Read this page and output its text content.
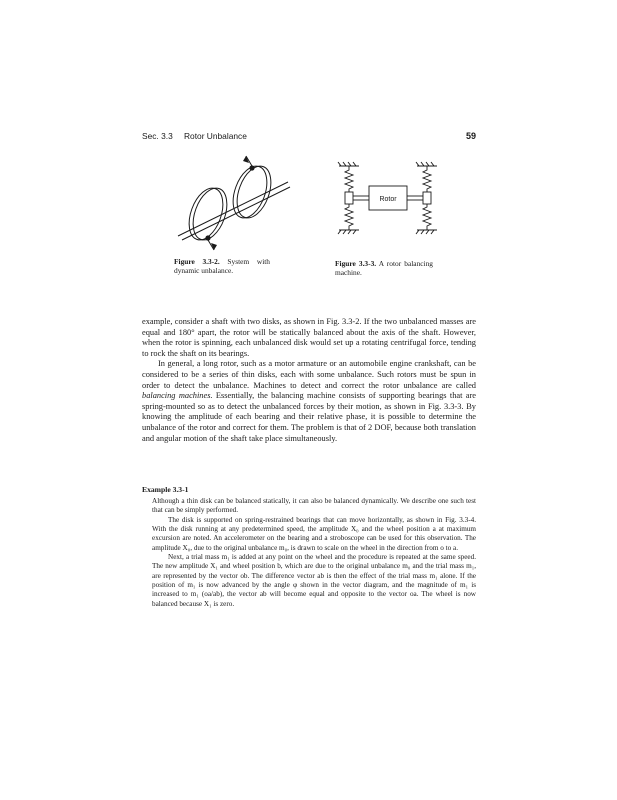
Sec. 3.3 Rotor Unbalance	59
Figure 3.3-2. System with dynamic unbalance.
Rotor
Figure 3.3-3. A rotor balancing machine.

example, consider a shaft with two disks, as shown in Fig. 3.3-2. If the two unbalanced masses are equal and 180° apart, the rotor will be statically balanced about the axis of the shaft. However, when the rotor is spinning, each unbalanced disk would set up a rotating centrifugal force, tending to rock the shaft on its bearings.

In general, a long rotor, such as a motor armature or an automobile engine crankshaft, can be considered to be a series of thin disks, each with some unbalance. Such rotors must be spun in order to detect the unbalance. Machines to detect and correct the rotor unbalance are called balancing machines. Essentially, the balancing machine consists of supporting bearings that are spring-mounted so as to detect the unbalanced forces by their motion, as shown in Fig. 3.3-3. By knowing the amplitude of each bearing and their relative phase, it is possible to determine the unbalance of the rotor and correct for them. The problem is that of 2 DOF, because both translation and angular motion of the shaft take place simultaneously.

Example 3.3-1

Although a thin disk can be balanced statically, it can also be balanced dynamically. We describe one such test that can be simply performed.

The disk is supported on spring-restrained bearings that can move horizontally, as shown in Fig. 3.3-4. With the disk running at any predetermined speed, the amplitude X₀ and the wheel position a at maximum excursion are noted. An accelerometer on the bearing and a stroboscope can be used for this observation. The amplitude X₀, due to the original unbalance m₀, is drawn to scale on the wheel in the direction from o to a.

Next, a trial mass m₁ is added at any point on the wheel and the procedure is repeated at the same speed. The new amplitude X₁ and wheel position b, which are due to the original unbalance m₀ and the trial mass m₁, are represented by the vector ob. The difference vector ab is then the effect of the trial mass m₁ alone. If the position of m₁ is now advanced by the angle φ shown in the vector diagram, and the magnitude of m₁ is increased to m₁ (oa/ab), the vector ab will become equal and opposite to the vector oa. The wheel is now balanced because X₁ is zero.
